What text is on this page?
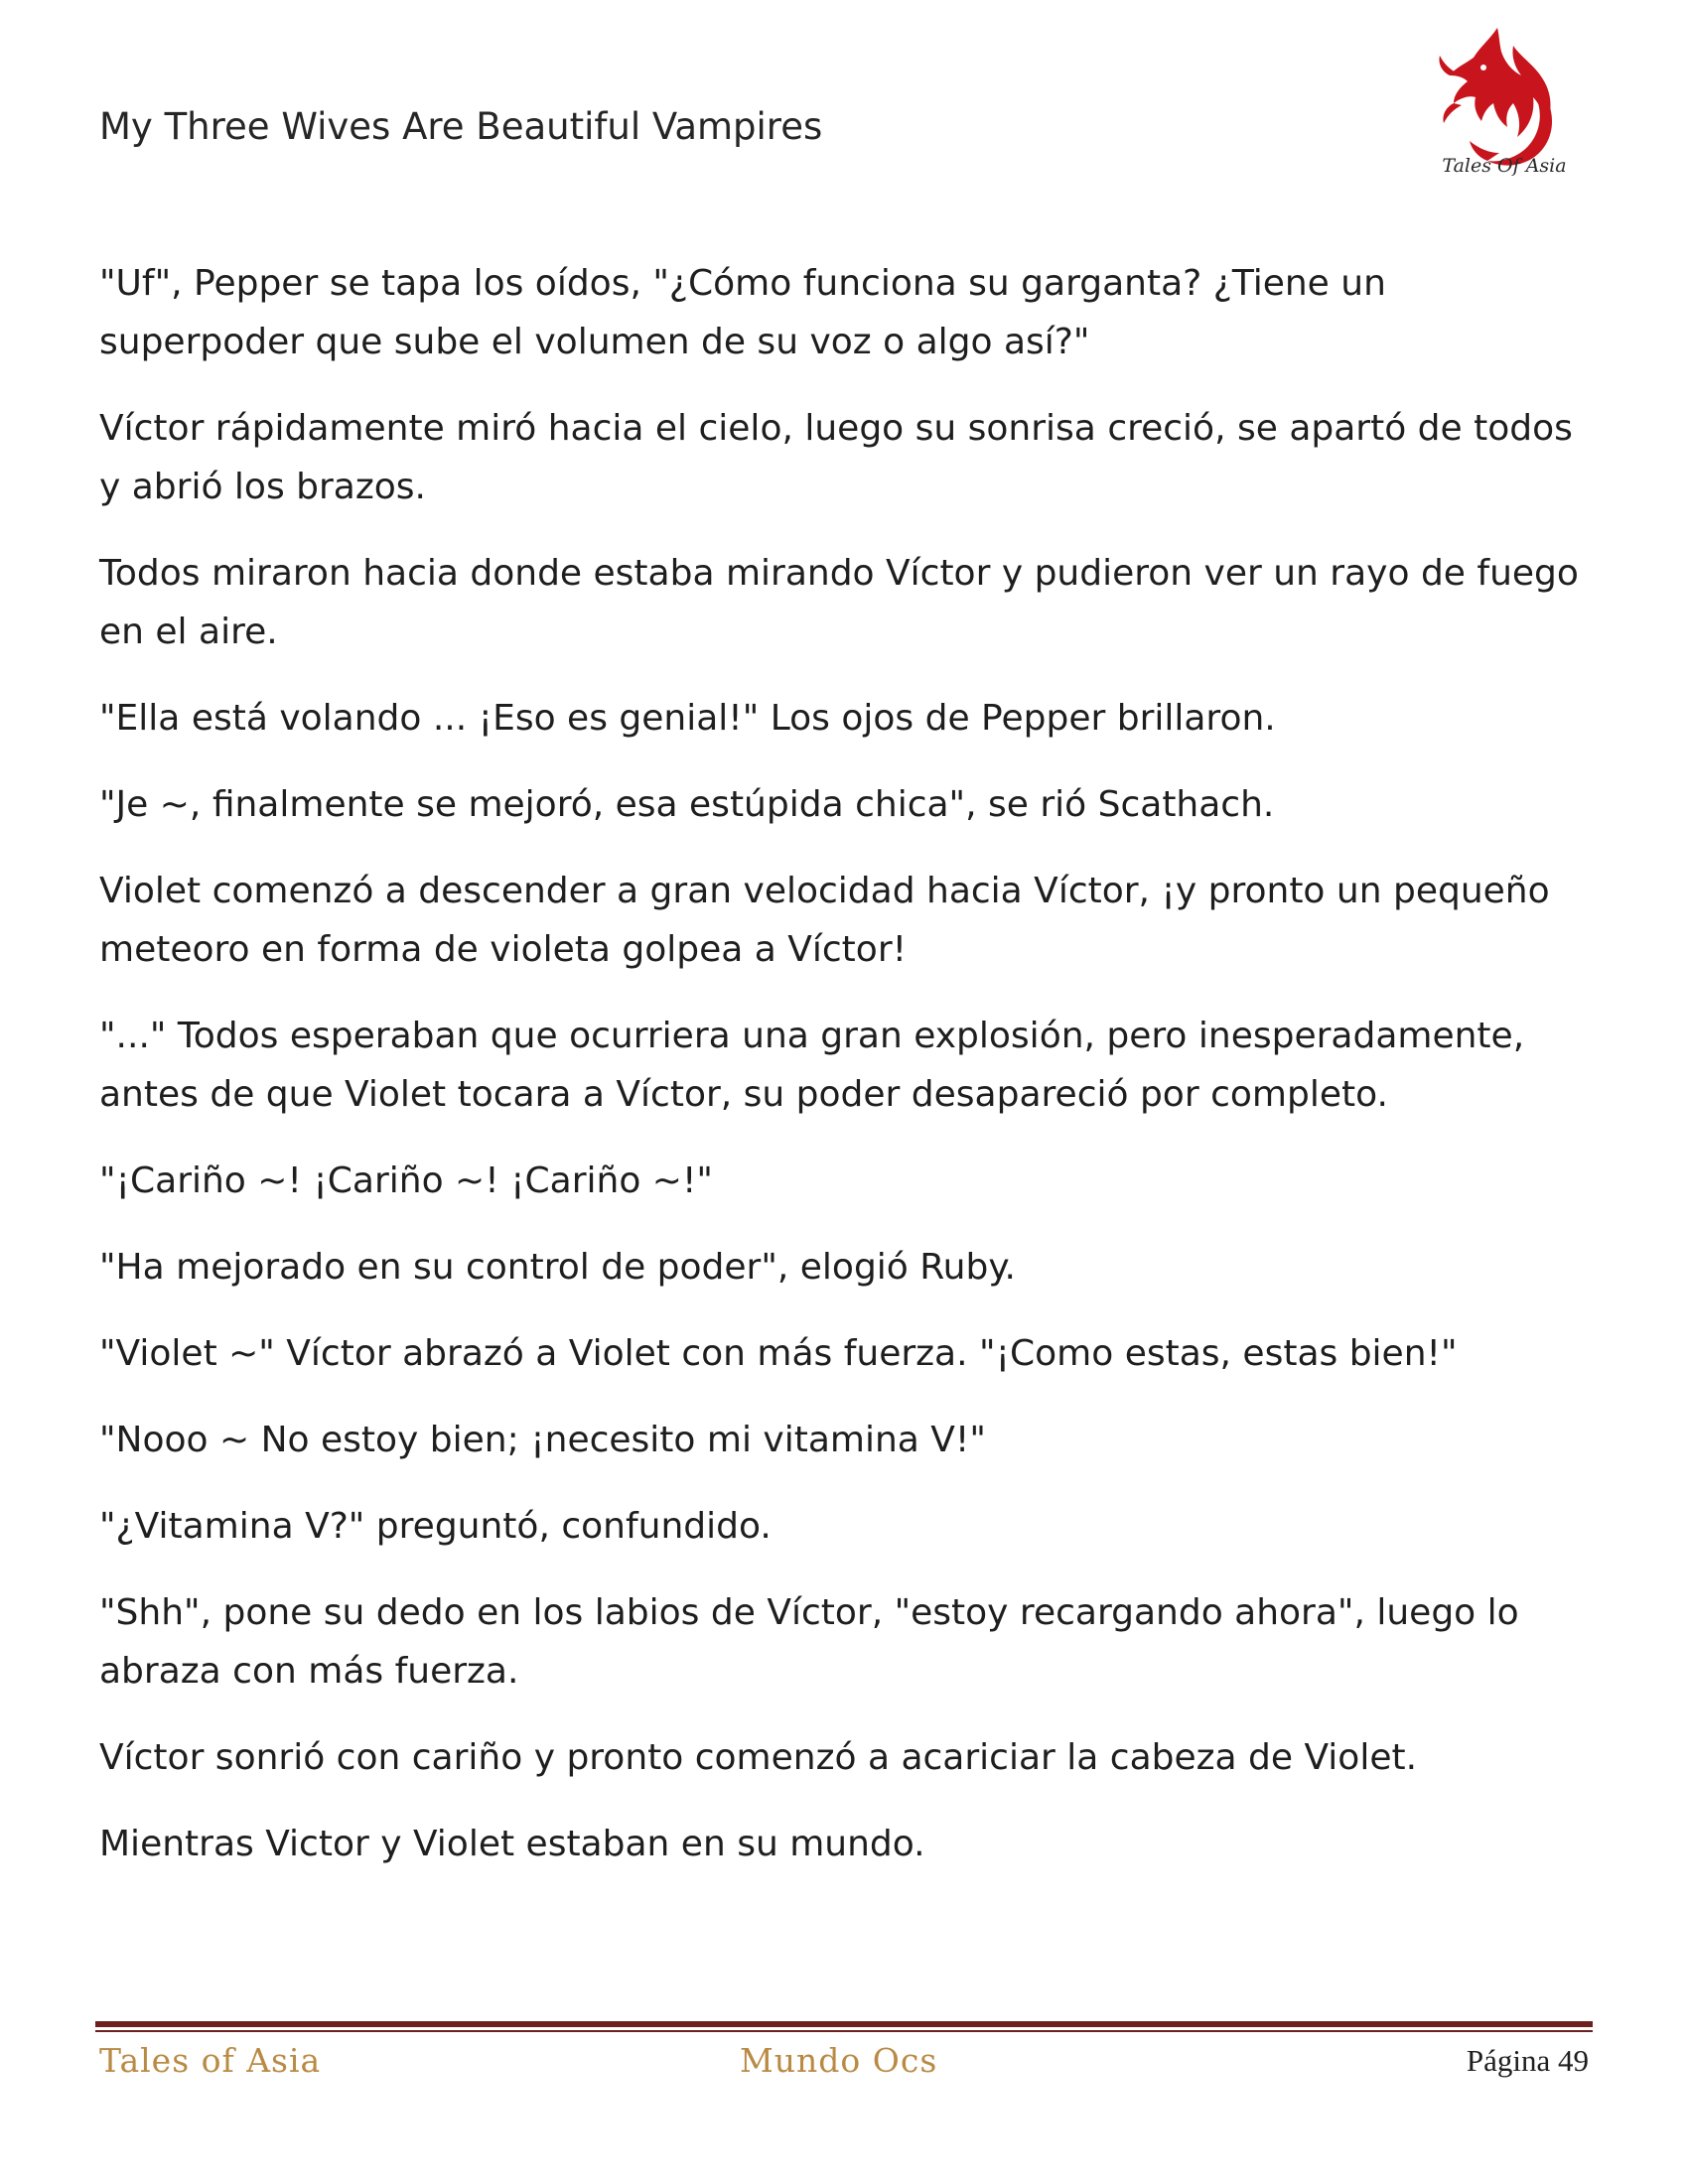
My Three Wives Are Beautiful Vampires
Tales Of Asia

"Uf", Pepper se tapa los oídos, "¿Cómo funciona su garganta? ¿Tiene un superpoder que sube el volumen de su voz o algo así?"

Víctor rápidamente miró hacia el cielo, luego su sonrisa creció, se apartó de todos y abrió los brazos.

Todos miraron hacia donde estaba mirando Víctor y pudieron ver un rayo de fuego en el aire.

"Ella está volando ... ¡Eso es genial!" Los ojos de Pepper brillaron.

"Je ~, finalmente se mejoró, esa estúpida chica", se rió Scathach.

Violet comenzó a descender a gran velocidad hacia Víctor, ¡y pronto un pequeño meteoro en forma de violeta golpea a Víctor!

"..." Todos esperaban que ocurriera una gran explosión, pero inesperadamente, antes de que Violet tocara a Víctor, su poder desapareció por completo.

"¡Cariño ~! ¡Cariño ~! ¡Cariño ~!"

"Ha mejorado en su control de poder", elogió Ruby.

"Violet ~" Víctor abrazó a Violet con más fuerza. "¡Como estas, estas bien!"

"Nooo ~ No estoy bien; ¡necesito mi vitamina V!"

"¿Vitamina V?" preguntó, confundido.

"Shh", pone su dedo en los labios de Víctor, "estoy recargando ahora", luego lo abraza con más fuerza.

Víctor sonrió con cariño y pronto comenzó a acariciar la cabeza de Violet.

Mientras Victor y Violet estaban en su mundo.

Tales of Asia	Mundo Ocs	Página 49
